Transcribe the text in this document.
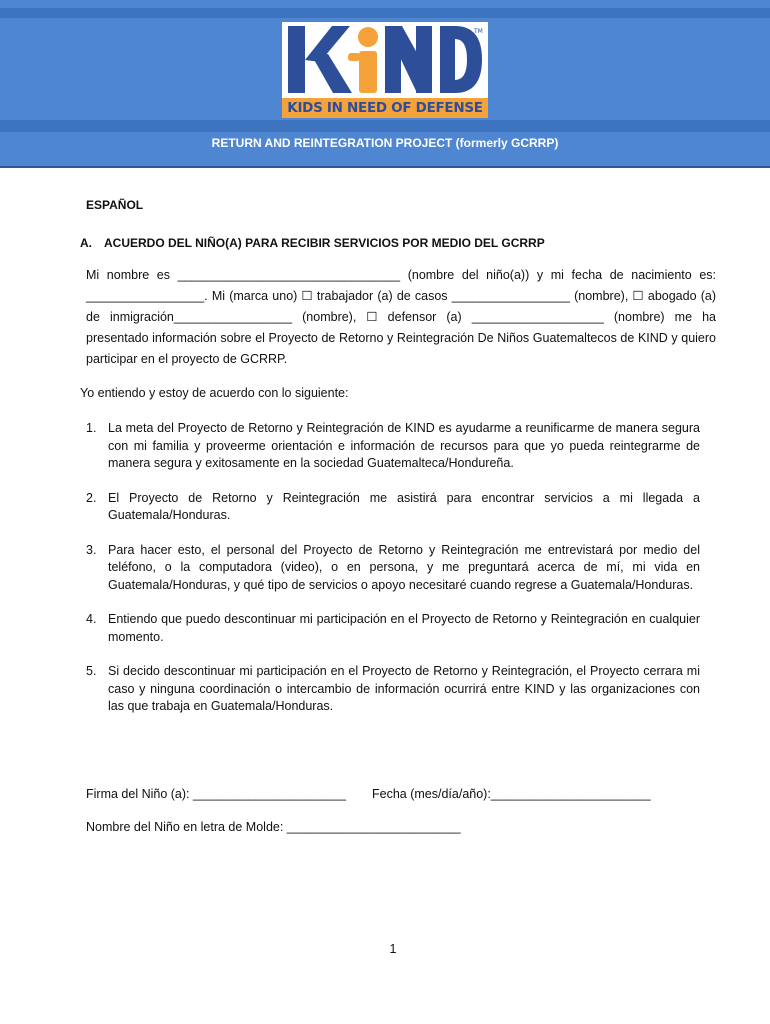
TM
KIDS IN NEED OF DEFENSE
RETURN AND REINTEGRATION PROJECT (formerly GCRRP)
ESPAÑOL
A.	ACUERDO DEL NIÑO(A) PARA RECIBIR SERVICIOS POR MEDIO DEL GCRRP

Mi nombre es ________________________________ (nombre del niño(a)) y mi fecha de nacimiento es: _________________. Mi (marca uno) ☐ trabajador (a) de casos _________________ (nombre), ☐ abogado (a) de inmigración_________________ (nombre), ☐ defensor (a) ___________________ (nombre) me ha presentado información sobre el Proyecto de Retorno y Reintegración De Niños Guatemaltecos de KIND y quiero participar en el proyecto de GCRRP.

Yo entiendo y estoy de acuerdo con lo siguiente:

1. La meta del Proyecto de Retorno y Reintegración de KIND es ayudarme a reunificarme de manera segura con mi familia y proveerme orientación e información de recursos para que yo pueda reintegrarme de manera segura y exitosamente en la sociedad Guatemalteca/Hondureña.
2. El Proyecto de Retorno y Reintegración me asistirá para encontrar servicios a mi llegada a Guatemala/Honduras.
3. Para hacer esto, el personal del Proyecto de Retorno y Reintegración me entrevistará por medio del teléfono, o la computadora (video), o en persona, y me preguntará acerca de mí, mi vida en Guatemala/Honduras, y qué tipo de servicios o apoyo necesitaré cuando regrese a Guatemala/Honduras.
4. Entiendo que puedo descontinuar mi participación en el Proyecto de Retorno y Reintegración en cualquier momento.
5. Si decido descontinuar mi participación en el Proyecto de Retorno y Reintegración, el Proyecto cerrara mi caso y ninguna coordinación o intercambio de información ocurrirá entre KIND y las organizaciones con las que trabaja en Guatemala/Honduras.
Firma del Niño (a): ______________________ Fecha (mes/día/año):_______________________
Nombre del Niño en letra de Molde: _________________________
1
